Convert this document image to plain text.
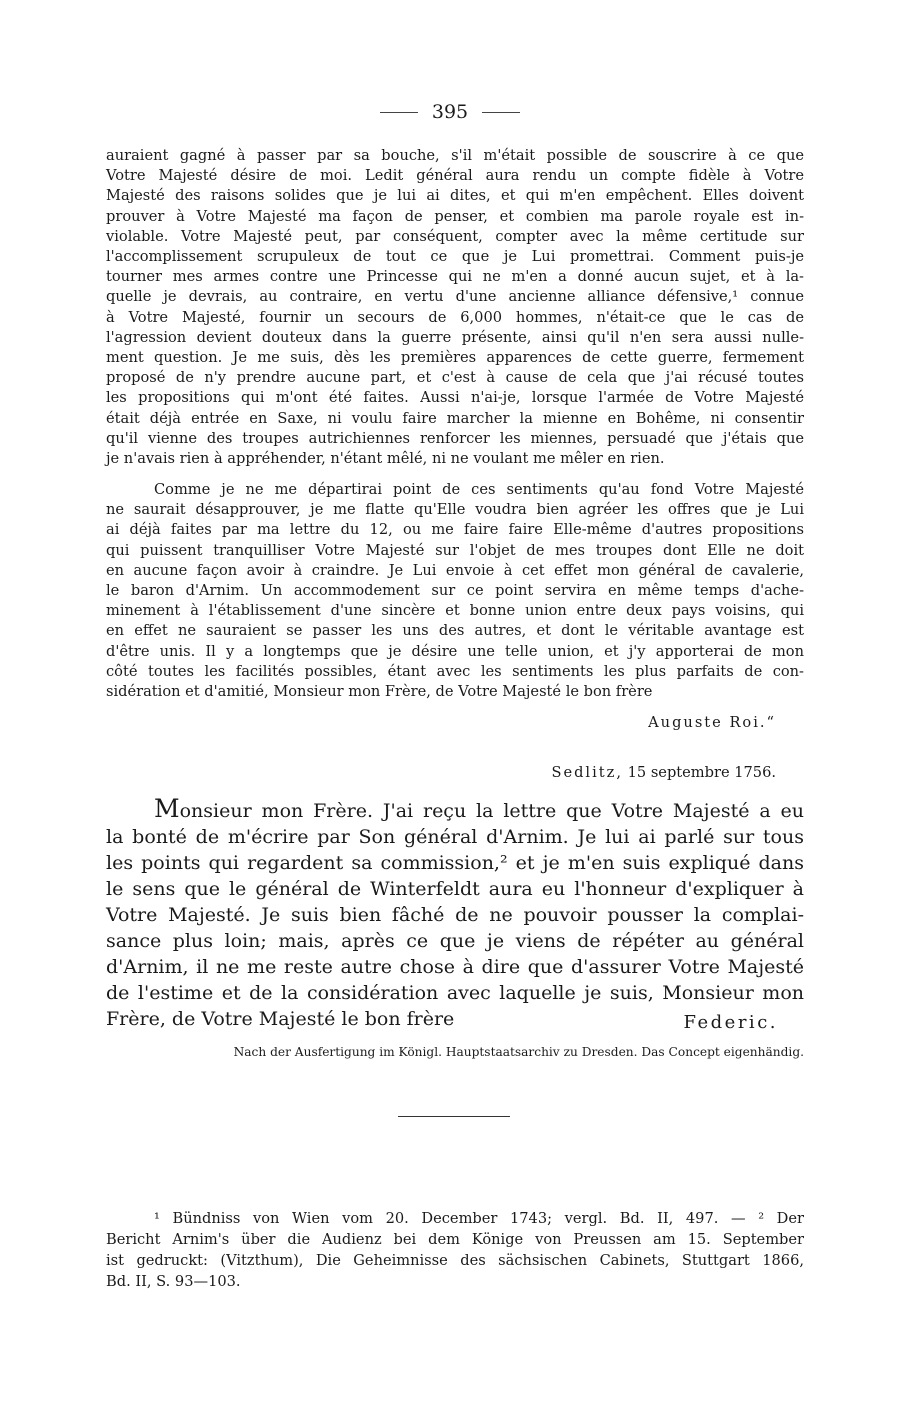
395
auraient gagné à passer par sa bouche, s'il m'était possible de souscrire à ce que
Votre Majesté désire de moi. Ledit général aura rendu un compte fidèle à Votre
Majesté des raisons solides que je lui ai dites, et qui m'en empêchent. Elles doivent
prouver à Votre Majesté ma façon de penser, et combien ma parole royale est in-
violable. Votre Majesté peut, par conséquent, compter avec la même certitude sur
l'accomplissement scrupuleux de tout ce que je Lui promettrai. Comment puis-je
tourner mes armes contre une Princesse qui ne m'en a donné aucun sujet, et à la-
quelle je devrais, au contraire, en vertu d'une ancienne alliance défensive,¹ connue
à Votre Majesté, fournir un secours de 6,000 hommes, n'était-ce que le cas de
l'agression devient douteux dans la guerre présente, ainsi qu'il n'en sera aussi nulle-
ment question. Je me suis, dès les premières apparences de cette guerre, fermement
proposé de n'y prendre aucune part, et c'est à cause de cela que j'ai récusé toutes
les propositions qui m'ont été faites. Aussi n'ai-je, lorsque l'armée de Votre Majesté
était déjà entrée en Saxe, ni voulu faire marcher la mienne en Bohême, ni consentir
qu'il vienne des troupes autrichiennes renforcer les miennes, persuadé que j'étais que
je n'avais rien à appréhender, n'étant mêlé, ni ne voulant me mêler en rien.
Comme je ne me départirai point de ces sentiments qu'au fond Votre Majesté
ne saurait désapprouver, je me flatte qu'Elle voudra bien agréer les offres que je Lui
ai déjà faites par ma lettre du 12, ou me faire faire Elle-même d'autres propositions
qui puissent tranquilliser Votre Majesté sur l'objet de mes troupes dont Elle ne doit
en aucune façon avoir à craindre. Je Lui envoie à cet effet mon général de cavalerie,
le baron d'Arnim. Un accommodement sur ce point servira en même temps d'ache-
minement à l'établissement d'une sincère et bonne union entre deux pays voisins, qui
en effet ne sauraient se passer les uns des autres, et dont le véritable avantage est
d'être unis. Il y a longtemps que je désire une telle union, et j'y apporterai de mon
côté toutes les facilités possibles, étant avec les sentiments les plus parfaits de con-
sidération et d'amitié, Monsieur mon Frère, de Votre Majesté le bon frère
Auguste Roi.“
Sedlitz, 15 septembre 1756.
Monsieur mon Frère. J'ai reçu la lettre que Votre Majesté a eu
la bonté de m'écrire par Son général d'Arnim. Je lui ai parlé sur tous
les points qui regardent sa commission,² et je m'en suis expliqué dans
le sens que le général de Winterfeldt aura eu l'honneur d'expliquer à
Votre Majesté. Je suis bien fâché de ne pouvoir pousser la complai-
sance plus loin; mais, après ce que je viens de répéter au général
d'Arnim, il ne me reste autre chose à dire que d'assurer Votre Majesté
de l'estime et de la considération avec laquelle je suis, Monsieur mon
Frère, de Votre Majesté le bon frère	Federic.
Nach der Ausfertigung im Königl. Hauptstaatsarchiv zu Dresden. Das Concept eigenhändig.
¹ Bündniss von Wien vom 20. December 1743; vergl. Bd. II, 497. — ² Der
Bericht Arnim's über die Audienz bei dem Könige von Preussen am 15. September
ist gedruckt: (Vitzthum), Die Geheimnisse des sächsischen Cabinets, Stuttgart 1866,
Bd. II, S. 93—103.
